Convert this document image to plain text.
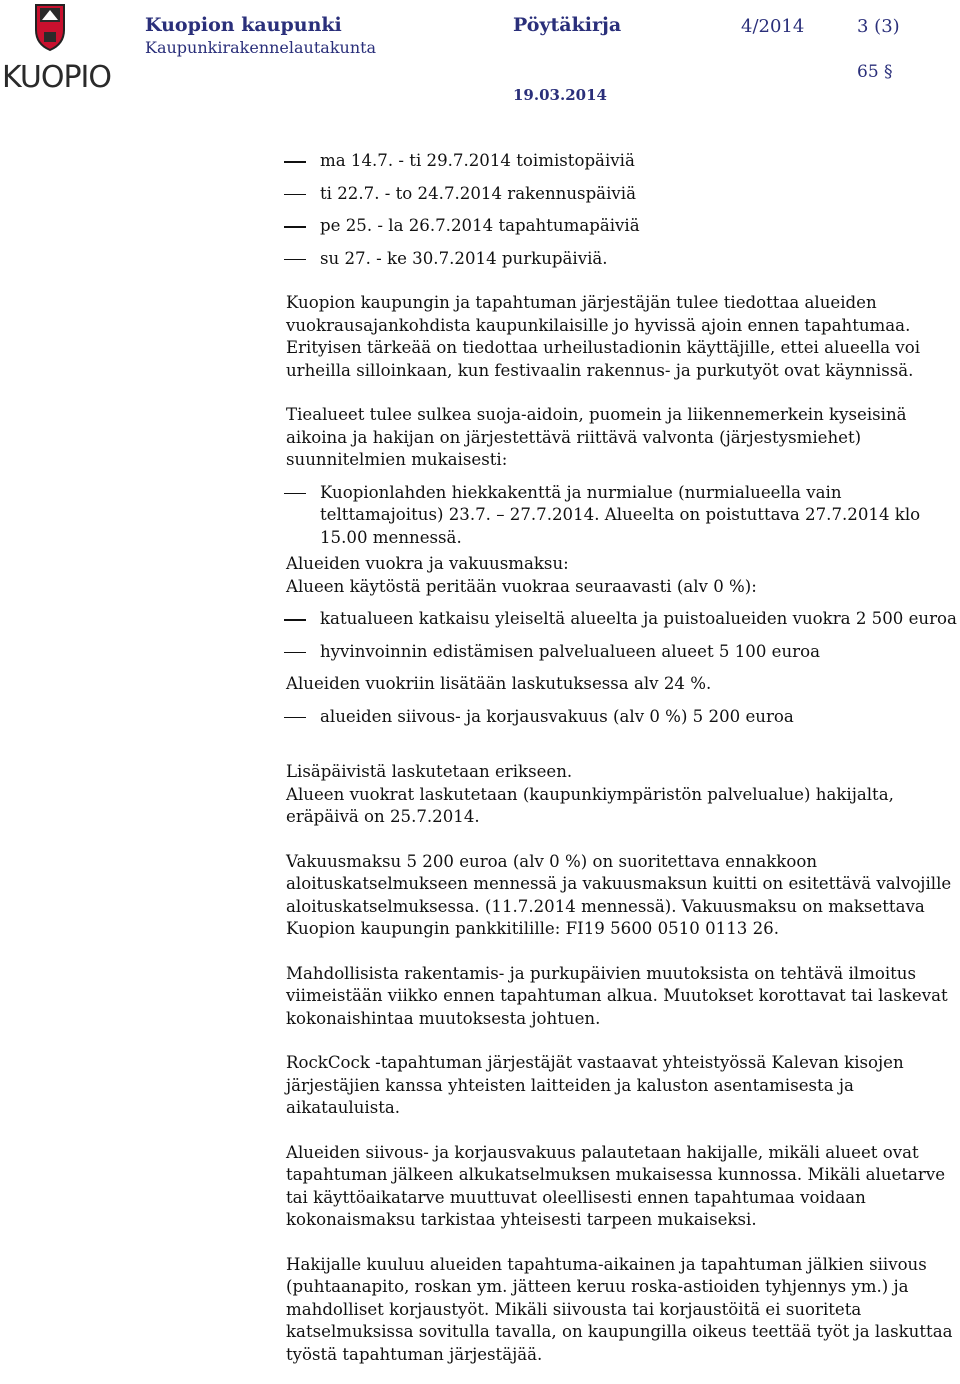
KUOPIO
Kuopion kaupunki
Kaupunkirakennelautakunta
Pöytäkirja	4/2014	3 (3)
65 §
19.03.2014
ma 14.7. - ti 29.7.2014 toimistopäiviä
ti 22.7. - to 24.7.2014 rakennuspäiviä
pe 25. - la 26.7.2014 tapahtumapäiviä
su 27. - ke 30.7.2014 purkupäiviä.

Kuopion kaupungin ja tapahtuman järjestäjän tulee tiedottaa alueiden vuokrausajankohdista kaupunkilaisille jo hyvissä ajoin ennen tapahtumaa. Erityisen tärkeää on tiedottaa urheilustadionin käyttäjille, ettei alueella voi urheilla silloinkaan, kun festivaalin rakennus- ja purkutyöt ovat käynnissä.

Tiealueet tulee sulkea suoja-aidoin, puomein ja liikennemerkein kyseisinä aikoina ja hakijan on järjestettävä riittävä valvonta (järjestysmiehet) suunnitelmien mukaisesti:

Kuopionlahden hiekkakenttä ja nurmialue (nurmialueella vain telttamajoitus) 23.7. – 27.7.2014. Alueelta on poistuttava 27.7.2014 klo 15.00 mennessä.

Alueiden vuokra ja vakuusmaksu:

Alueen käytöstä peritään vuokraa seuraavasti (alv 0 %):

katualueen katkaisu yleiseltä alueelta ja puistoalueiden vuokra 2 500 euroa
hyvinvoinnin edistämisen palvelualueen alueet 5 100 euroa

Alueiden vuokriin lisätään laskutuksessa alv 24 %.

alueiden siivous- ja korjausvakuus (alv 0 %) 5 200 euroa

Lisäpäivistä laskutetaan erikseen.

Alueen vuokrat laskutetaan (kaupunkiympäristön palvelualue) hakijalta, eräpäivä on 25.7.2014.

Vakuusmaksu 5 200 euroa (alv 0 %) on suoritettava ennakkoon aloituskatselmukseen mennessä ja vakuusmaksun kuitti on esitettävä valvojille aloituskatselmuksessa. (11.7.2014 mennessä). Vakuusmaksu on maksettava Kuopion kaupungin pankkitilille: FI19 5600 0510 0113 26.

Mahdollisista rakentamis- ja purkupäivien muutoksista on tehtävä ilmoitus viimeistään viikko ennen tapahtuman alkua. Muutokset korottavat tai laskevat kokonaishintaa muutoksesta johtuen.

RockCock -tapahtuman järjestäjät vastaavat yhteistyössä Kalevan kisojen järjestäjien kanssa yhteisten laitteiden ja kaluston asentamisesta ja aikatauluista.

Alueiden siivous- ja korjausvakuus palautetaan hakijalle, mikäli alueet ovat tapahtuman jälkeen alkukatselmuksen mukaisessa kunnossa. Mikäli aluetarve tai käyttöaikatarve muuttuvat oleellisesti ennen tapahtumaa voidaan kokonaismaksu tarkistaa yhteisesti tarpeen mukaiseksi.

Hakijalle kuuluu alueiden tapahtuma-aikainen ja tapahtuman jälkien siivous (puhtaanapito, roskan ym. jätteen keruu roska-astioiden tyhjennys ym.) ja mahdolliset korjaustyöt. Mikäli siivousta tai korjaustöitä ei suoriteta katselmuksissa sovitulla tavalla, on kaupungilla oikeus teettää työt ja laskuttaa työstä tapahtuman järjestäjää.
